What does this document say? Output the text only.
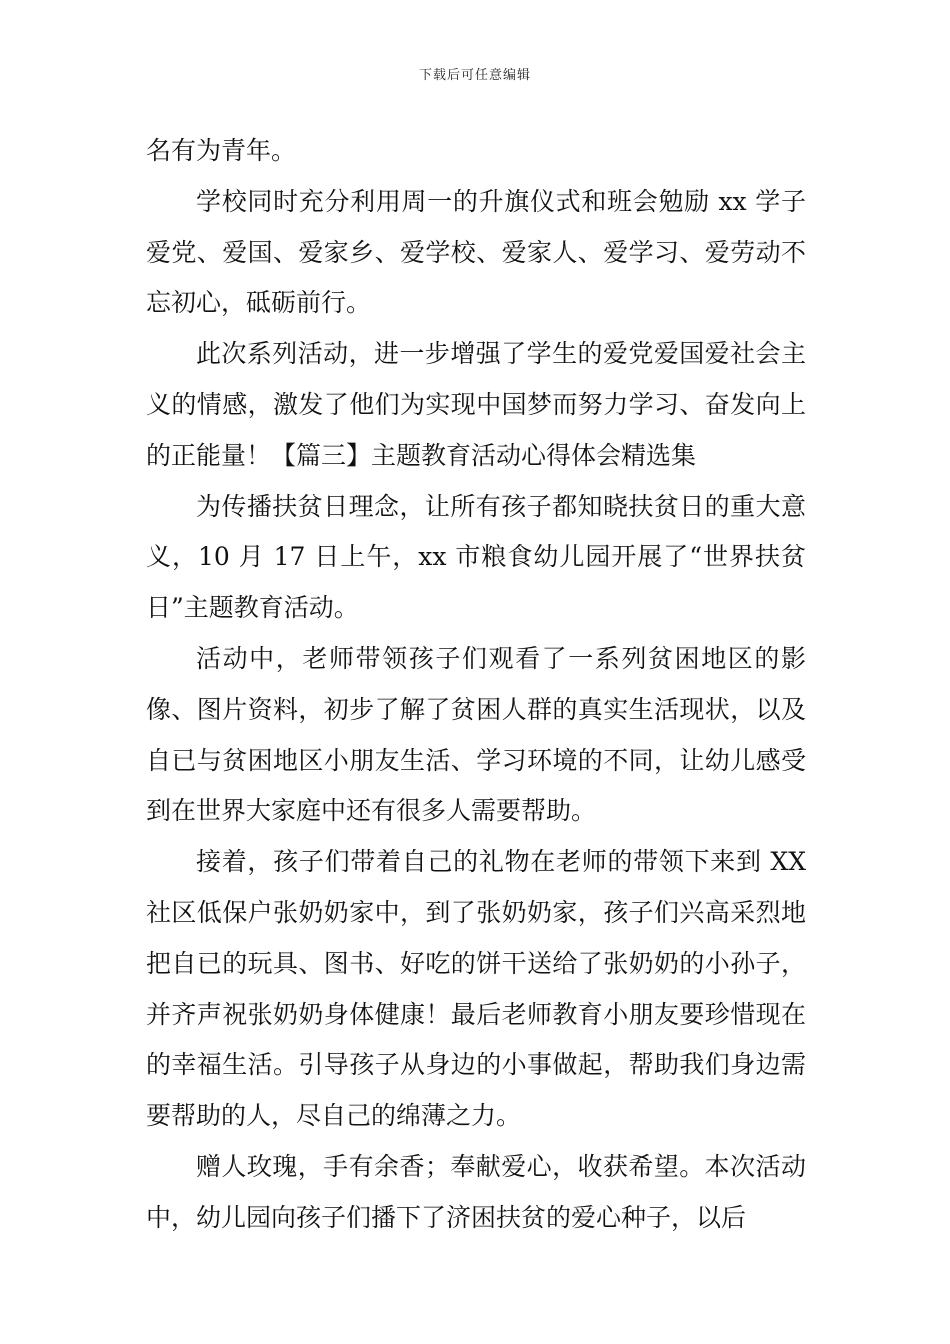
下载后可任意编辑

名有为青年。

学校同时充分利用周一的升旗仪式和班会勉励 xx 学子爱党、爱国、爱家乡、爱学校、爱家人、爱学习、爱劳动不忘初心，砥砺前行。

此次系列活动，进一步增强了学生的爱党爱国爱社会主义的情感，激发了他们为实现中国梦而努力学习、奋发向上的正能量！【篇三】主题教育活动心得体会精选集

为传播扶贫日理念，让所有孩子都知晓扶贫日的重大意义，10 月 17 日上午，xx 市粮食幼儿园开展了“世界扶贫日”主题教育活动。

活动中，老师带领孩子们观看了一系列贫困地区的影像、图片资料，初步了解了贫困人群的真实生活现状，以及自已与贫困地区小朋友生活、学习环境的不同，让幼儿感受到在世界大家庭中还有很多人需要帮助。

接着，孩子们带着自己的礼物在老师的带领下来到 XX 社区低保户张奶奶家中，到了张奶奶家，孩子们兴高采烈地把自已的玩具、图书、好吃的饼干送给了张奶奶的小孙子，并齐声祝张奶奶身体健康！最后老师教育小朋友要珍惜现在的幸福生活。引导孩子从身边的小事做起，帮助我们身边需要帮助的人，尽自己的绵薄之力。

赠人玫瑰，手有余香；奉献爱心，收获希望。本次活动中，幼儿园向孩子们播下了济困扶贫的爱心种子，以后
